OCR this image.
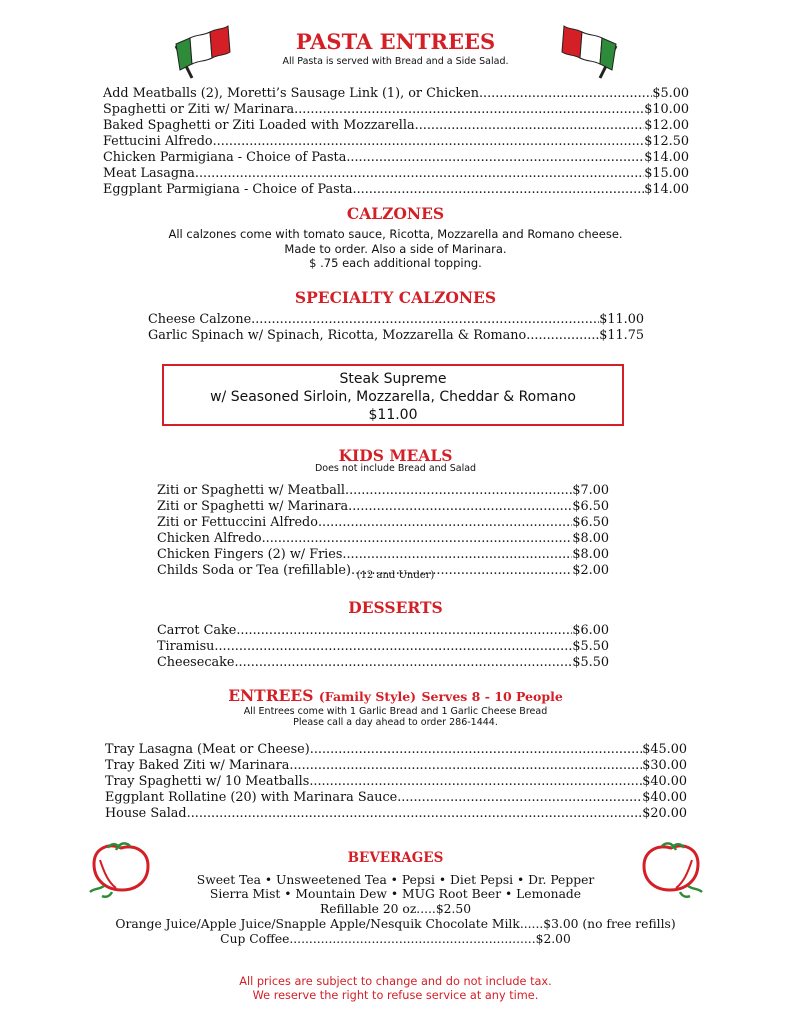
PASTA ENTREES
All Pasta is served with Bread and a Side Salad.
Add Meatballs (2), Moretti’s Sausage Link (1), or Chicken .....	$5.00
Spaghetti or Ziti w/ Marinara .....	$10.00
Baked Spaghetti or Ziti Loaded with Mozzarella .....	$12.00
Fettucini Alfredo .....	$12.50
Chicken Parmigiana - Choice of Pasta .....	$14.00
Meat Lasagna .....	$15.00
Eggplant Parmigiana - Choice of Pasta .....	$14.00
CALZONES
All calzones come with tomato sauce, Ricotta, Mozzarella and Romano cheese.
Made to order. Also a side of Marinara.
$ .75 each additional topping.
SPECIALTY CALZONES
Cheese Calzone .....	$11.00
Garlic Spinach w/ Spinach, Ricotta, Mozzarella & Romano .....	$11.75
Steak Supreme
w/ Seasoned Sirloin, Mozzarella, Cheddar & Romano
$11.00
KIDS MEALS
Does not include Bread and Salad
Ziti or Spaghetti w/ Meatball .....	$7.00
Ziti or Spaghetti w/ Marinara .....	$6.50
Ziti or Fettuccini Alfredo .....	$6.50
Chicken Alfredo .....	$8.00
Chicken Fingers (2) w/ Fries .....	$8.00
Childs Soda or Tea (refillable) .....	$2.00
(12 and Under)
DESSERTS
Carrot Cake .....	$6.00
Tiramisu .....	$5.50
Cheesecake .....	$5.50
ENTREES (Family Style) Serves 8 - 10 People
All Entrees come with 1 Garlic Bread and 1 Garlic Cheese Bread
Please call a day ahead to order 286-1444.
Tray Lasagna (Meat or Cheese) .....	$45.00
Tray Baked Ziti w/ Marinara .....	$30.00
Tray Spaghetti w/ 10 Meatballs .....	$40.00
Eggplant Rollatine (20) with Marinara Sauce .....	$40.00
House Salad .....	$20.00
BEVERAGES
Sweet Tea • Unsweetened Tea • Pepsi • Diet Pepsi • Dr. Pepper
Sierra Mist • Mountain Dew • MUG Root Beer • Lemonade
Refillable 20 oz.....$2.50
Orange Juice/Apple Juice/Snapple Apple/Nesquik Chocolate Milk......$3.00 (no free refills)
Cup Coffee...............................................................$2.00
All prices are subject to change and do not include tax.
We reserve the right to refuse service at any time.
